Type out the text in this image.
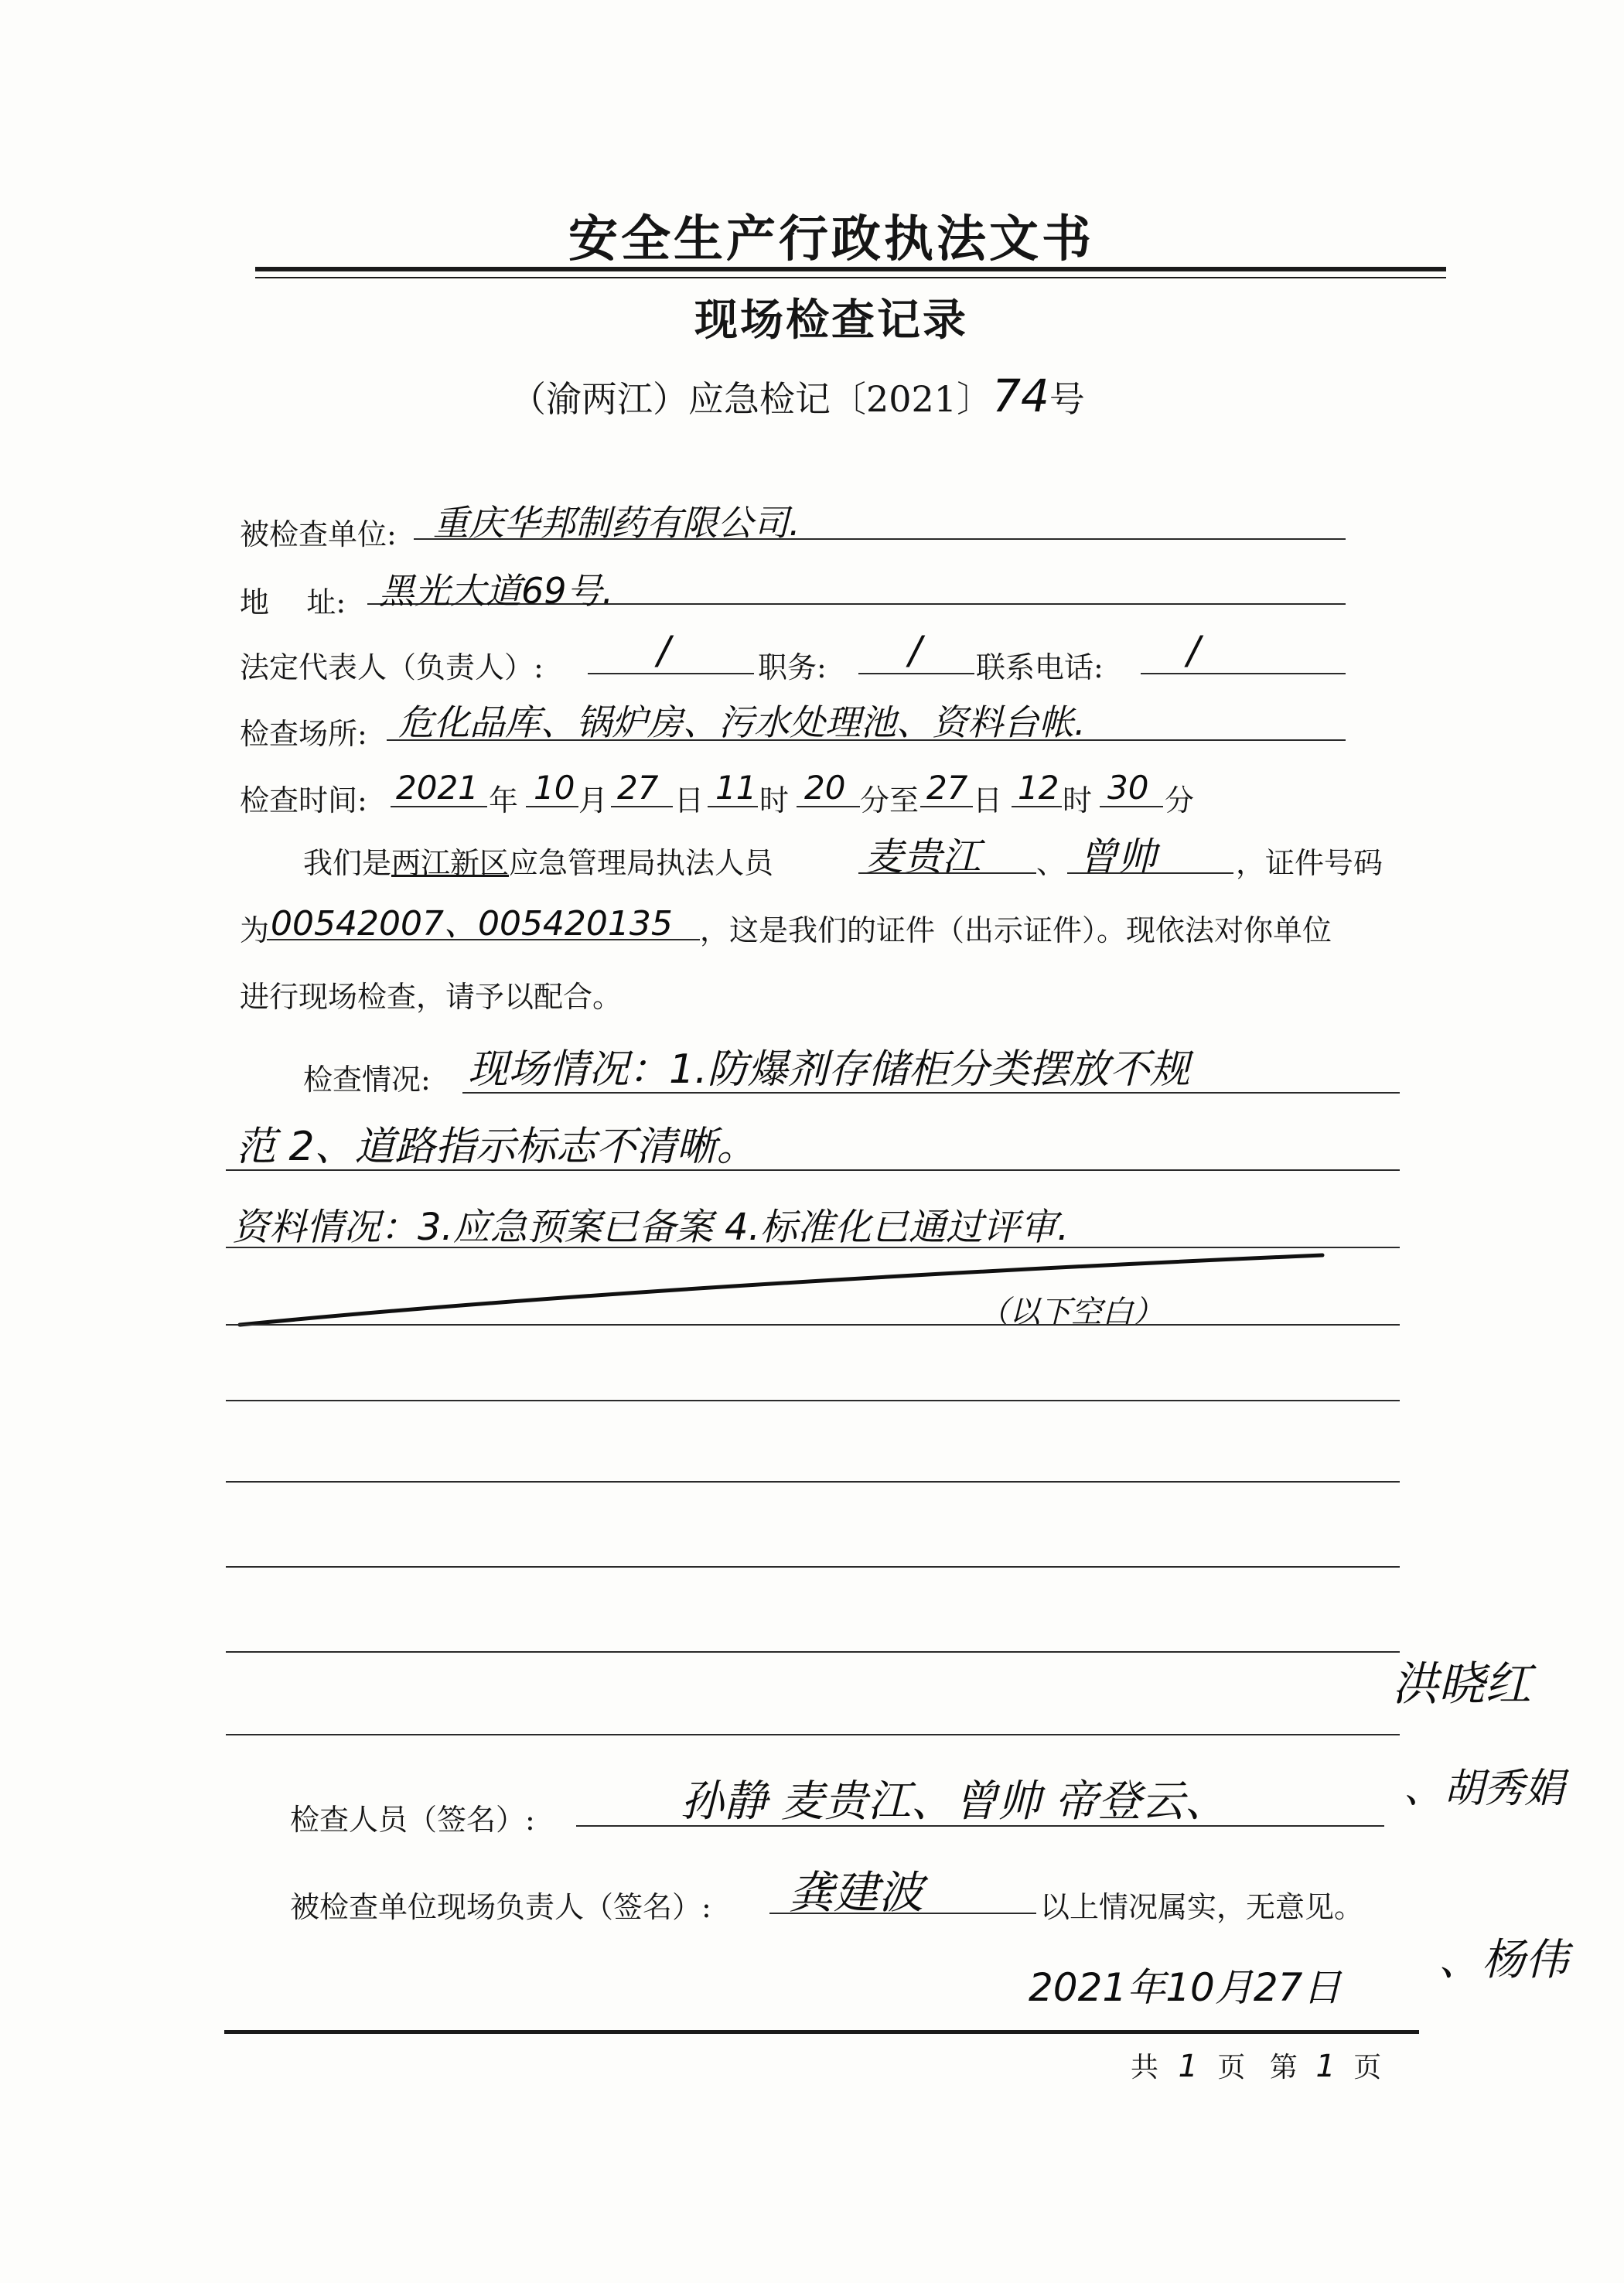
安全生产行政执法文书
现场检查记录
（渝两江）应急检记〔2021〕74号
被检查单位: 重庆华邦制药有限公司.
地    址: 黑光大道69号.
法定代表人（负责人）:	/	职务: / 联系电话: /
检查场所: 危化品库、锅炉房、污水处理池、资料台帐.
检查时间: 2021 年 10 月 27 日 11 时 20 分至 27 日 12 时 30 分
我们是两江新区应急管理局执法人员 麦贵江 、 曾帅	，证件号码
为 00542007、005420135 ，这是我们的证件（出示证件）。现依法对你单位
进行现场检查，请予以配合。
检查情况: 现场情况：1.防爆剂存储柜分类摆放不规
范 2、道路指示标志不清晰。
资料情况：3.应急预案已备案 4.标准化已通过评审.
（以下空白）
检查人员（签名）:	孙静 麦贵江、曾帅 帝登云、
洪晓红
、胡秀娟
、杨伟
被检查单位现场负责人（签名）: 龚建波	以上情况属实，无意见。
2021年10月27日
共 1 页 第 1 页
